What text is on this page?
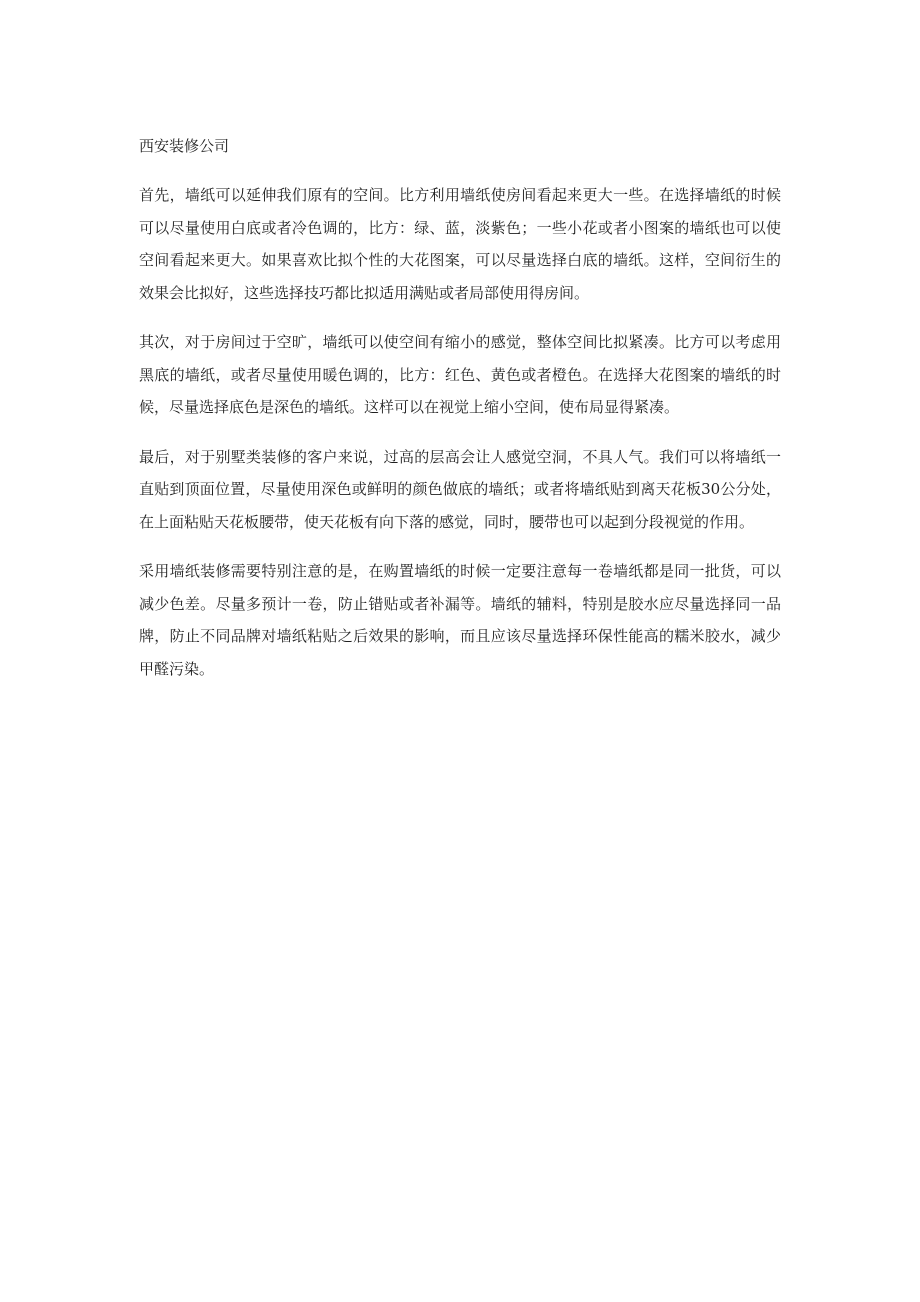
西安装修公司

首先，墙纸可以延伸我们原有的空间。比方利用墙纸使房间看起来更大一些。在选择墙纸的时候可以尽量使用白底或者冷色调的，比方：绿、蓝，淡紫色；一些小花或者小图案的墙纸也可以使空间看起来更大。如果喜欢比拟个性的大花图案，可以尽量选择白底的墙纸。这样，空间衍生的效果会比拟好，这些选择技巧都比拟适用满贴或者局部使用得房间。

其次，对于房间过于空旷，墙纸可以使空间有缩小的感觉，整体空间比拟紧凑。比方可以考虑用黑底的墙纸，或者尽量使用暖色调的，比方：红色、黄色或者橙色。在选择大花图案的墙纸的时候，尽量选择底色是深色的墙纸。这样可以在视觉上缩小空间，使布局显得紧凑。

最后，对于别墅类装修的客户来说，过高的层高会让人感觉空洞，不具人气。我们可以将墙纸一直贴到顶面位置，尽量使用深色或鲜明的颜色做底的墙纸；或者将墙纸贴到离天花板30公分处，在上面粘贴天花板腰带，使天花板有向下落的感觉，同时，腰带也可以起到分段视觉的作用。

采用墙纸装修需要特别注意的是，在购置墙纸的时候一定要注意每一卷墙纸都是同一批货，可以减少色差。尽量多预计一卷，防止错贴或者补漏等。墙纸的辅料，特别是胶水应尽量选择同一品牌，防止不同品牌对墙纸粘贴之后效果的影响，而且应该尽量选择环保性能高的糯米胶水，减少甲醛污染。
